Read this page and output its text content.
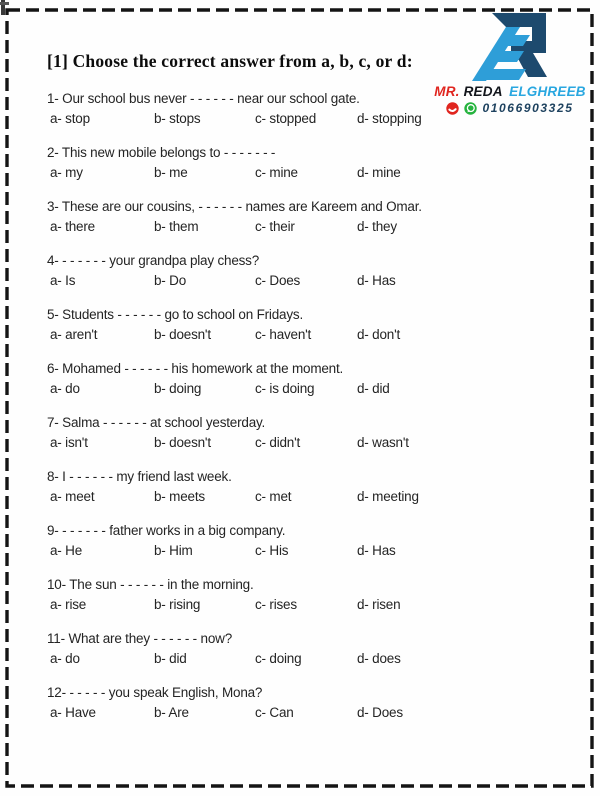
[1] Choose the correct answer from a, b, c, or d:
MR. REDA ELGHREEB
01066903325
1- Our school bus never - - - - - - near our school gate.
a- stop	b- stops	c- stopped	d- stopping
2- This new mobile belongs to - - - - - - -
a- my	b- me	c- mine	d- mine
3- These are our cousins, - - - - - - names are Kareem and Omar.
a- there	b- them	c- their	d- they
4- - - - - - - your grandpa play chess?
a- Is	b- Do	c- Does	d- Has
5- Students - - - - - - go to school on Fridays.
a- aren't	b- doesn't	c- haven't	d- don't
6- Mohamed - - - - - - his homework at the moment.
a- do	b- doing	c- is doing	d- did
7- Salma - - - - - - at school yesterday.
a- isn't	b- doesn't	c- didn't	d- wasn't
8- I - - - - - - my friend last week.
a- meet	b- meets	c- met	d- meeting
9- - - - - - - father works in a big company.
a- He	b- Him	c- His	d- Has
10- The sun - - - - - - in the morning.
a- rise	b- rising	c- rises	d- risen
11- What are they - - - - - - now?
a- do	b- did	c- doing	d- does
12- - - - - - you speak English, Mona?
a- Have	b- Are	c- Can	d- Does
